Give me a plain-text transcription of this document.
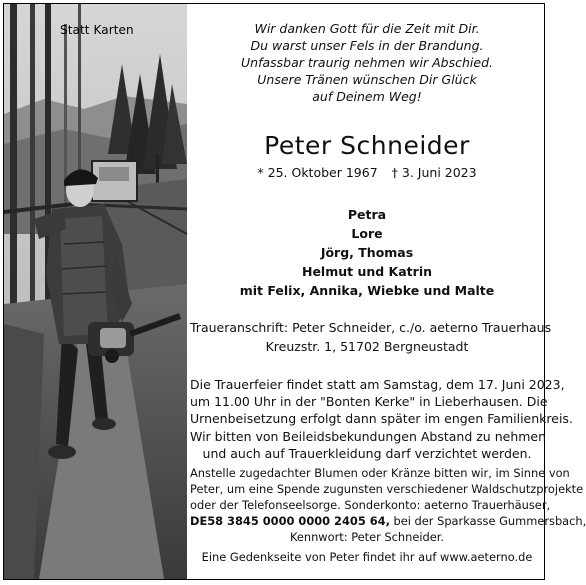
Statt Karten	Wir danken Gott für die Zeit mit Dir.
Du warst unser Fels in der Brandung.
Unfassbar traurig nehmen wir Abschied.
Unsere Tränen wünschen Dir Glück
auf Deinem Weg!
Peter Schneider
* 25. Oktober 1967 † 3. Juni 2023
Petra
Lore
Jörg, Thomas
Helmut und Katrin
mit Felix, Annika, Wiebke und Malte
Traueranschrift: Peter Schneider, c./o. aeterno Trauerhaus
Kreuzstr. 1, 51702 Bergneustadt
Die Trauerfeier findet statt am Samstag, dem 17. Juni 2023,
um 11.00 Uhr in der "Bonten Kerke" in Lieberhausen. Die
Urnenbeisetzung erfolgt dann später im engen Familienkreis.
Wir bitten von Beileidsbekundungen Abstand zu nehmen
und auch auf Trauerkleidung darf verzichtet werden.
Anstelle zugedachter Blumen oder Kränze bitten wir, im Sinne von
Peter, um eine Spende zugunsten verschiedener Waldschutzprojekte
oder der Telefonseelsorge. Sonderkonto: aeterno Trauerhäuser,
DE58 3845 0000 0000 2405 64, bei der Sparkasse Gummersbach,
Kennwort: Peter Schneider.
Eine Gedenkseite von Peter findet ihr auf www.aeterno.de
